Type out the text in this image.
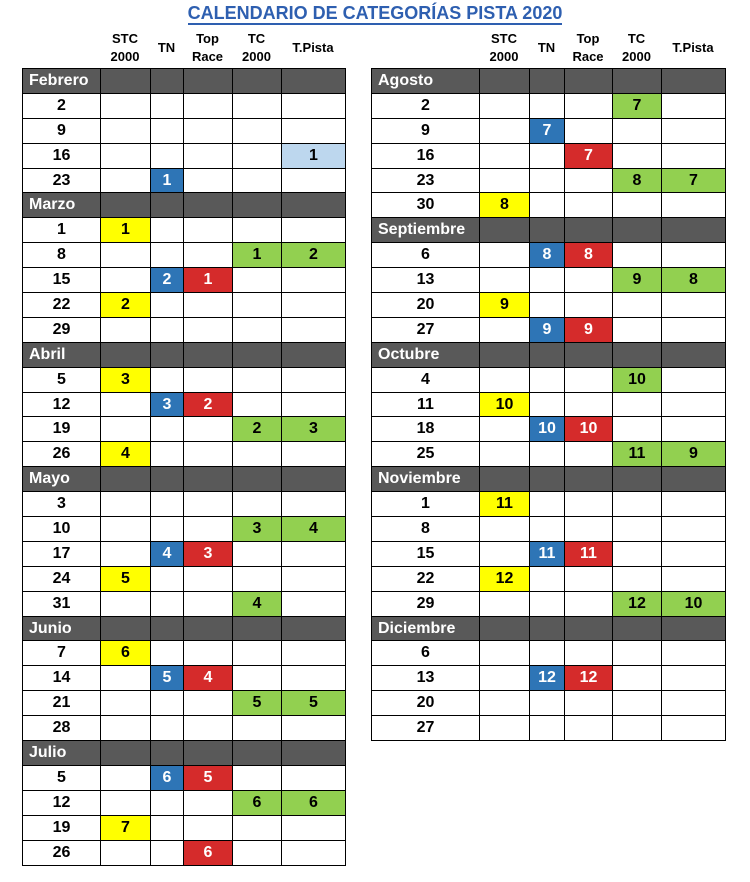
CALENDARIO DE CATEGORÍAS PISTA 2020
STC
2000
TN
Top
Race
TC
2000
T.Pista
STC
2000
TN
Top
Race
TC
2000
T.Pista
Febrero					
2					
9					
16					1
23		1			
Marzo					
1	1				
8				1	2
15		2	1		
22	2				
29					
Abril					
5	3				
12		3	2		
19				2	3
26	4				
Mayo					
3					
10				3	4
17		4	3		
24	5				
31				4	
Junio					
7	6				
14		5	4		
21				5	5
28					
Julio					
5		6	5		
12				6	6
19	7				
26			6		
Agosto					
2				7	
9		7			
16			7		
23				8	7
30	8				
Septiembre					
6		8	8		
13				9	8
20	9				
27		9	9		
Octubre					
4				10	
11	10				
18		10	10		
25				11	9
Noviembre					
1	11				
8					
15		11	11		
22	12				
29				12	10
Diciembre					
6					
13		12	12		
20					
27					
